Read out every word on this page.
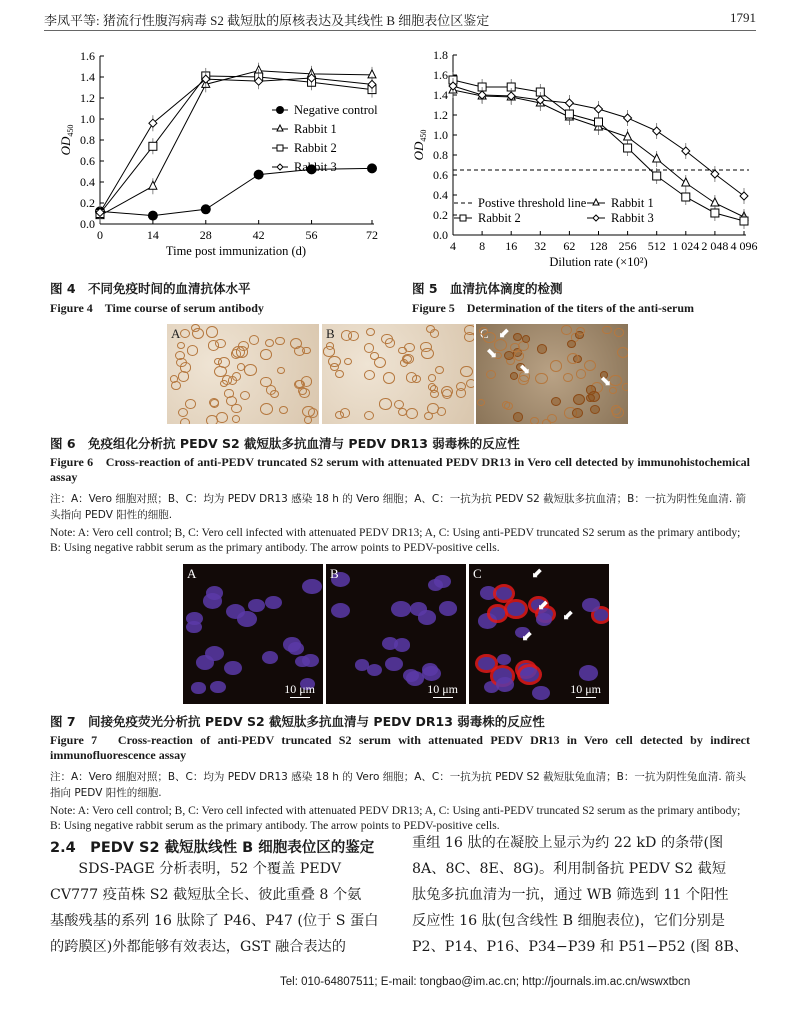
李凤平等: 猪流行性腹泻病毒 S2 截短肽的原核表达及其线性 B 细胞表位区鉴定	1791
0.0
0.2
0.4
0.6
0.8
1.0
1.2
1.4
1.6
0	14	28	42	56	72
Time post immunization (d)
$OD_{450}$
Negative control
Rabbit 1
Rabbit 2
Rabbit 3
0.0
0.2
0.4
0.6
0.8
1.0
1.2
1.4
1.6
1.8
4 8 16 32 62 128 256 512 1 024 2 048 4 096
Dilution rate (×10²)
$OD_{450}$
Postive threshold line Rabbit 1
Rabbit 2	Rabbit 3
图 4　不同免疫时间的血清抗体水平
Figure 4　Time course of serum antibody
图 5　血清抗体滴度的检测
Figure 5　Determination of the titers of the anti-serum
A	B	C ⬋
⬊
⬊
⬊
图 6　免疫组化分析抗 PEDV S2 截短肽多抗血清与 PEDV DR13 弱毒株的反应性
Figure 6　Cross-reaction of anti-PEDV truncated S2 serum with attenuated PEDV DR13 in Vero cell detected by immunohistochemical assay
注：A：Vero 细胞对照；B、C：均为 PEDV DR13 感染 18 h 的 Vero 细胞；A、C：一抗为抗 PEDV S2 截短肽多抗血清；B：一抗为阴性兔血清. 箭头指向 PEDV 阳性的细胞.
Note: A: Vero cell control; B, C: Vero cell infected with attenuated PEDV DR13; A, C: Using anti-PEDV truncated S2 serum as the primary antibody; B: Using negative rabbit serum as the primary antibody. The arrow points to PEDV-positive cells.
A
10 μm
B
10 μm
C	⬋
⬋
⬋
⬋
10 μm
图 7　间接免疫荧光分析抗 PEDV S2 截短肽多抗血清与 PEDV DR13 弱毒株的反应性
Figure 7　Cross-reaction of anti-PEDV truncated S2 serum with attenuated PEDV DR13 in Vero cell detected by indirect immunofluorescence assay
注：A：Vero 细胞对照；B、C：均为 PEDV DR13 感染 18 h 的 Vero 细胞；A、C：一抗为抗 PEDV S2 截短肽兔血清；B：一抗为阴性兔血清. 箭头指向 PEDV 阳性的细胞.
Note: A: Vero cell control; B, C: Vero cell infected with attenuated PEDV DR13; A, C: Using anti-PEDV truncated S2 serum as the primary antibody; B: Using negative rabbit serum as the primary antibody. The arrow points to PEDV-positive cells.
2.4　PEDV S2 截短肽线性 B 细胞表位区的鉴定
　　SDS-PAGE 分析表明，52 个覆盖 PEDV
CV777 疫苗株 S2 截短肽全长、彼此重叠 8 个氨
基酸残基的系列 16 肽除了 P46、P47 (位于 S 蛋白
的跨膜区)外都能够有效表达，GST 融合表达的
重组 16 肽的在凝胶上显示为约 22 kD 的条带(图
8A、8C、8E、8G)。利用制备抗 PEDV S2 截短
肽兔多抗血清为一抗，通过 WB 筛选到 11 个阳性
反应性 16 肽(包含线性 B 细胞表位)，它们分别是
P2、P14、P16、P34−P39 和 P51−P52 (图 8B、
Tel: 010-64807511; E-mail: tongbao@im.ac.cn; http://journals.im.ac.cn/wswxtbcn
